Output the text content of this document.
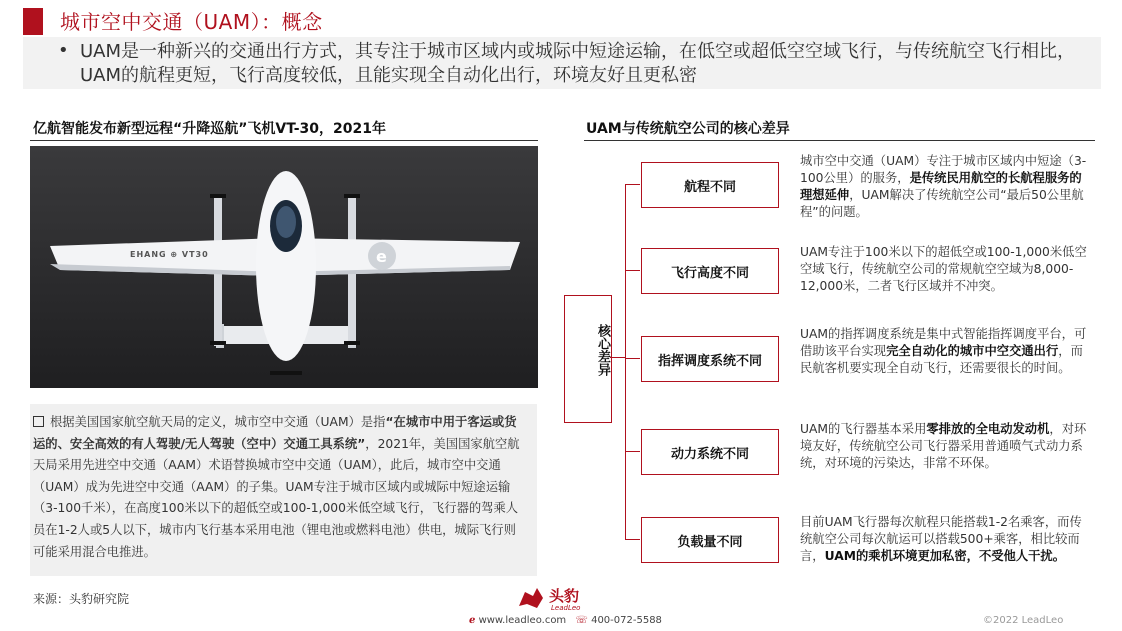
城市空中交通（UAM）：概念
• UAM是一种新兴的交通出行方式，其专注于城市区域内或城际中短途运输，在低空或超低空空域飞行，与传统航空飞行相比，UAM的航程更短，飞行高度较低，且能实现全自动化出行，环境友好且更私密
亿航智能发布新型远程“升降巡航”飞机VT-30，2021年
e
EHANG ⊕ VT30
根据美国国家航空航天局的定义，城市空中交通（UAM）是指“在城市中用于客运或货运的、安全高效的有人驾驶/无人驾驶（空中）交通工具系统”，2021年，美国国家航空航天局采用先进空中交通（AAM）术语替换城市空中交通（UAM），此后，城市空中交通（UAM）成为先进空中交通（AAM）的子集。UAM专注于城市区域内或城际中短途运输（3-100千米），在高度100米以下的超低空或100-1,000米低空域飞行，飞行器的驾乘人员在1-2人或5人以下，城市内飞行基本采用电池（锂电池或燃料电池）供电，城际飞行则可能采用混合电推进。
来源：头豹研究院
UAM与传统航空公司的核心差异
核心差异
航程不同
飞行高度不同
指挥调度系统不同
动力系统不同
负载量不同
城市空中交通（UAM）专注于城市区域内中短途（3-100公里）的服务，是传统民用航空的长航程服务的理想延伸，UAM解决了传统航空公司“最后50公里航程”的问题。
UAM专注于100米以下的超低空或100-1,000米低空空域飞行，传统航空公司的常规航空空域为8,000-12,000米，二者飞行区域并不冲突。
UAM的指挥调度系统是集中式智能指挥调度平台，可借助该平台实现完全自动化的城市中空交通出行，而民航客机要实现全自动飞行，还需要很长的时间。
UAM的飞行器基本采用零排放的全电动发动机，对环境友好，传统航空公司飞行器采用普通喷气式动力系统，对环境的污染达，非常不环保。
目前UAM飞行器每次航程只能搭载1-2名乘客，而传统航空公司每次航运可以搭载500+乘客，相比较而言，UAM的乘机环境更加私密，不受他人干扰。
头豹
LeadLeo
ℯ www.leadleo.com ☏ 400-072-5588	©2022 LeadLeo
